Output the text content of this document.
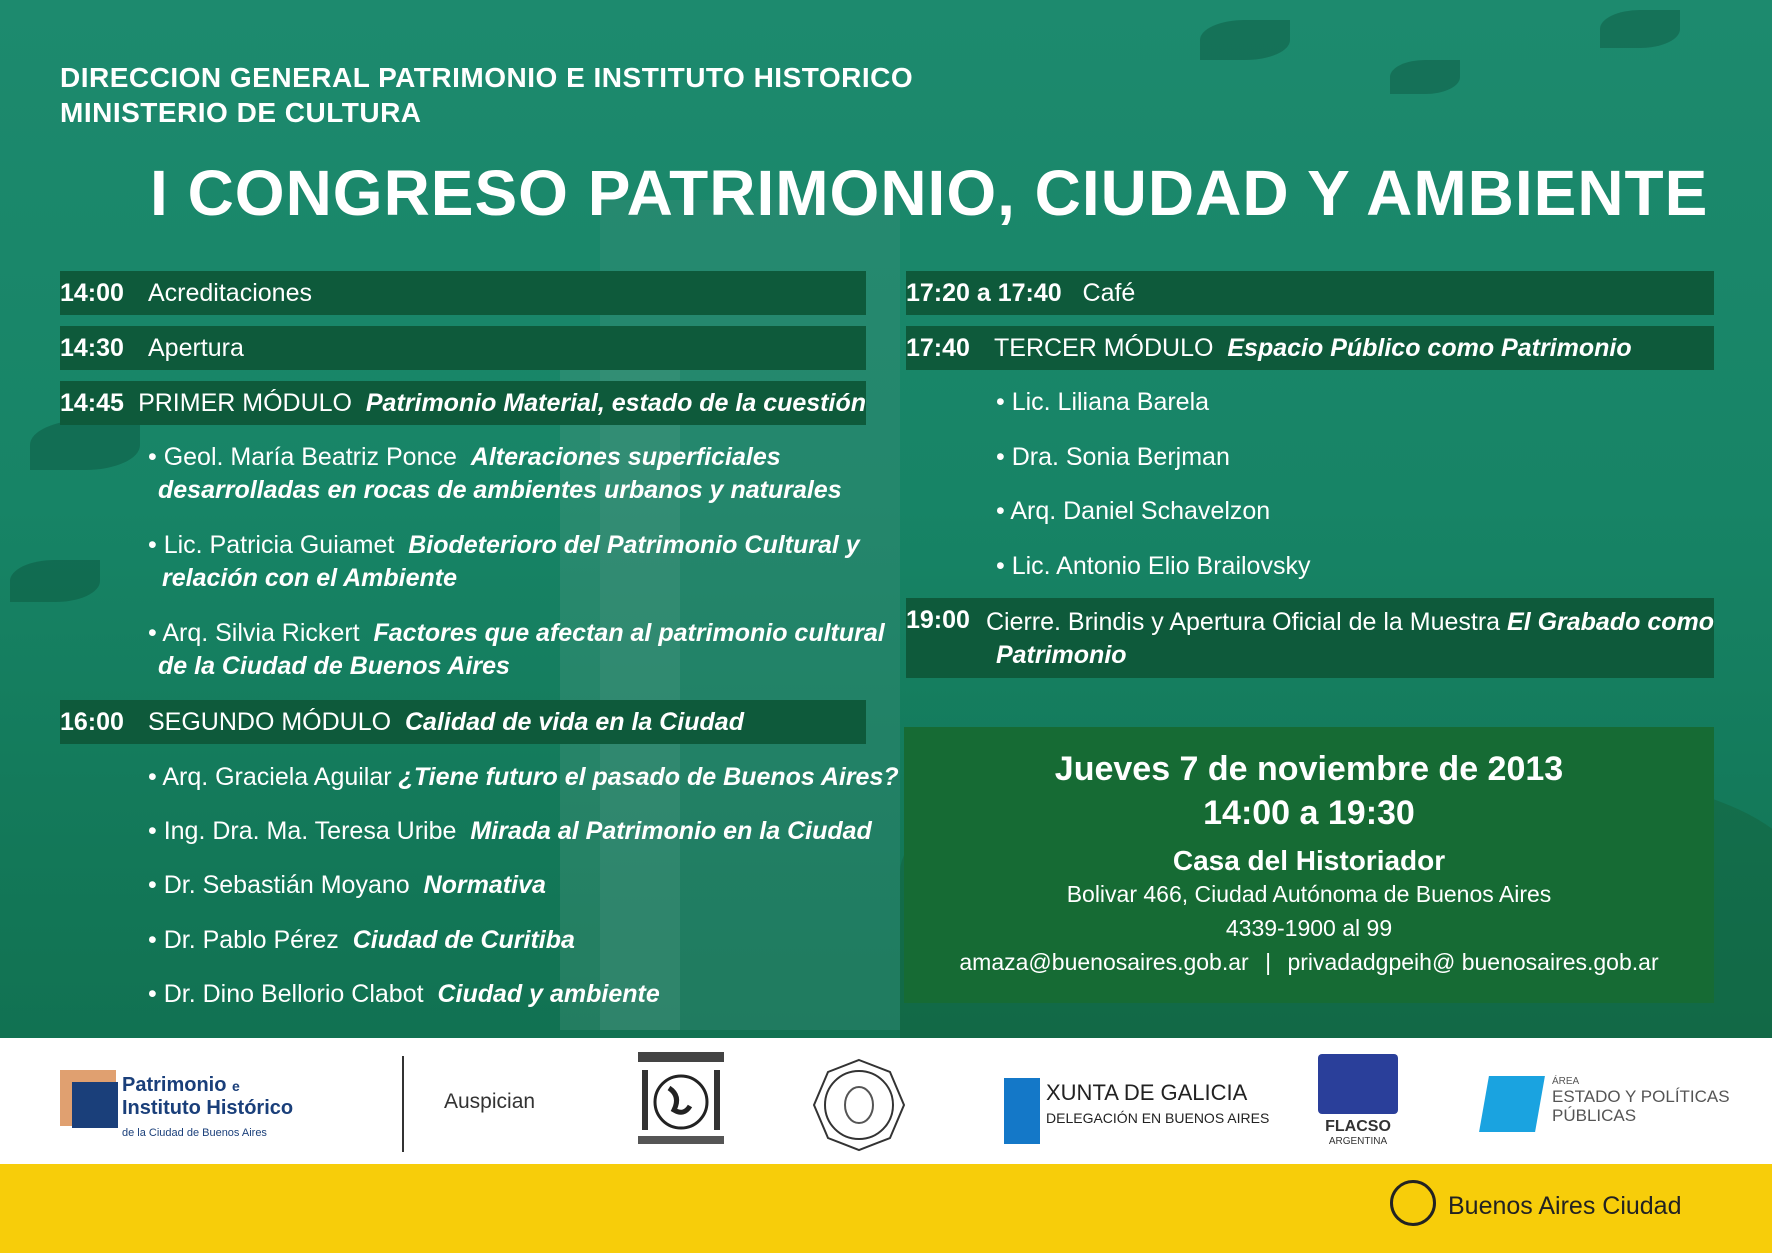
DIRECCION GENERAL PATRIMONIO E INSTITUTO HISTORICO
MINISTERIO DE CULTURA
I CONGRESO PATRIMONIO, CIUDAD Y AMBIENTE
14:00 Acreditaciones
14:30 Apertura
14:45 PRIMER MÓDULO
Patrimonio Material, estado de la cuestión
• Geol. María Beatriz Ponce Alteraciones superficiales
desarrolladas en rocas de ambientes urbanos y naturales
• Lic. Patricia Guiamet Biodeterioro del Patrimonio Cultural y
relación con el Ambiente
• Arq. Silvia Rickert Factores que afectan al patrimonio cultural
de la Ciudad de Buenos Aires
16:00 SEGUNDO MÓDULO
Calidad de vida en la Ciudad
• Arq. Graciela Aguilar ¿Tiene futuro el pasado de Buenos Aires?
• Ing. Dra. Ma. Teresa Uribe Mirada al Patrimonio en la Ciudad
• Dr. Sebastián Moyano Normativa
• Dr. Pablo Pérez Ciudad de Curitiba
• Dr. Dino Bellorio Clabot Ciudad y ambiente
17:20 a 17:40
Café
17:40 TERCER MÓDULO
Espacio Público como Patrimonio
• Lic. Liliana Barela
• Dra. Sonia Berjman
• Arq. Daniel Schavelzon
• Lic. Antonio Elio Brailovsky
19:00 Cierre. Brindis y Apertura Oficial de la Muestra El Grabado como
Patrimonio
Jueves 7 de noviembre de 2013
14:00 a 19:30
Casa del Historiador
Bolivar 466, Ciudad Autónoma de Buenos Aires
4339-1900 al 99
amaza@buenosaires.gob.ar | privadadgpeih@ buenosaires.gob.ar
Patrimonio e
Instituto Histórico
de la Ciudad de Buenos Aires
Auspician	XUNTA DE GALICIA
DELEGACIÓN EN BUENOS AIRES	FLACSO
ARGENTINA
ÁREA
ESTADO Y POLÍTICAS
PÚBLICAS
Buenos Aires Ciudad
